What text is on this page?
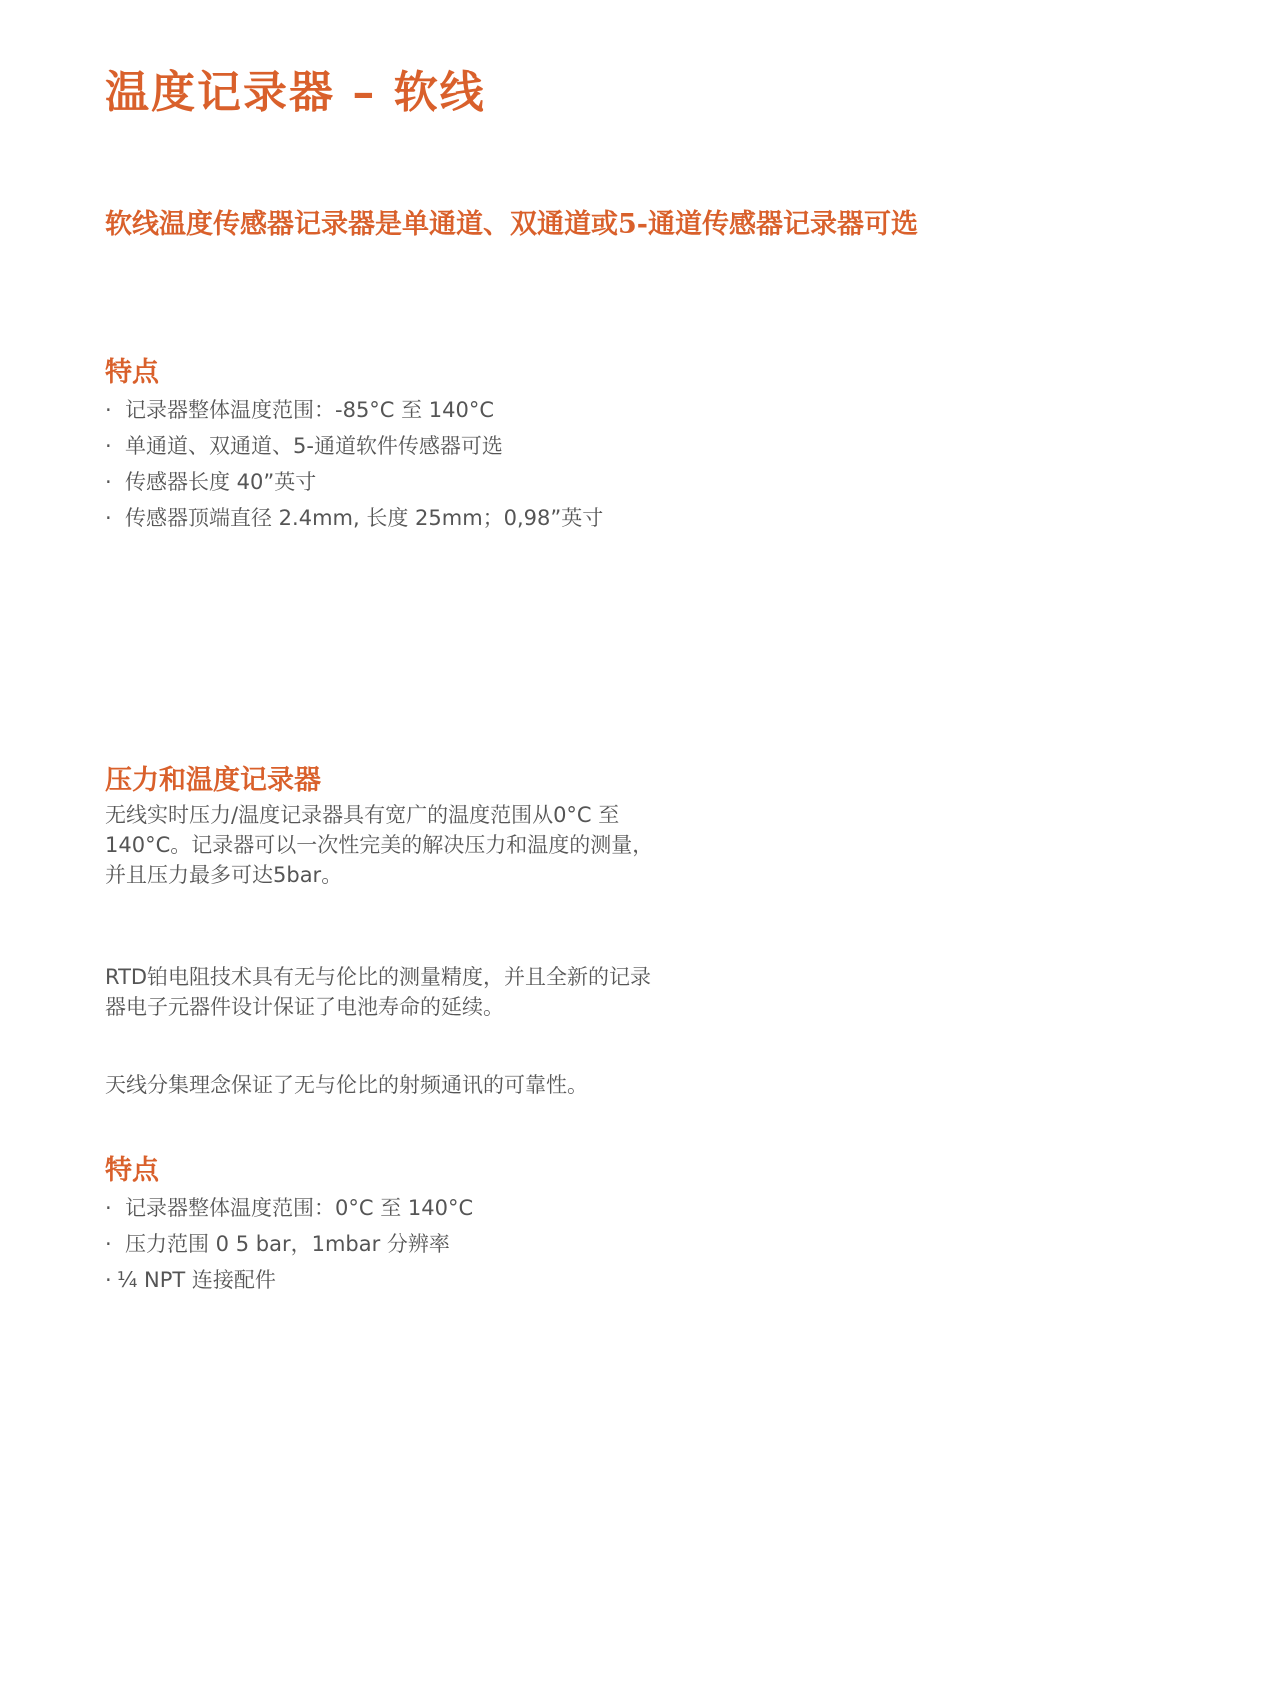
温度记录器 – 软线
软线温度传感器记录器是单通道、双通道或5-通道传感器记录器可选
特点
· 记录器整体温度范围：-85°C 至 140°C
· 单通道、双通道、5-通道软件传感器可选
· 传感器长度 40”英寸
· 传感器顶端直径 2.4mm, 长度 25mm；0,98”英寸
压力和温度记录器

无线实时压力/温度记录器具有宽广的温度范围从0°C 至 140°C。记录器可以一次性完美的解决压力和温度的测量，并且压力最多可达5bar。

RTD铂电阻技术具有无与伦比的测量精度，并且全新的记录器电子元器件设计保证了电池寿命的延续。

天线分集理念保证了无与伦比的射频通讯的可靠性。

特点
· 记录器整体温度范围：0°C 至 140°C
· 压力范围 0 5 bar，1mbar 分辨率
· ¼ NPT 连接配件
